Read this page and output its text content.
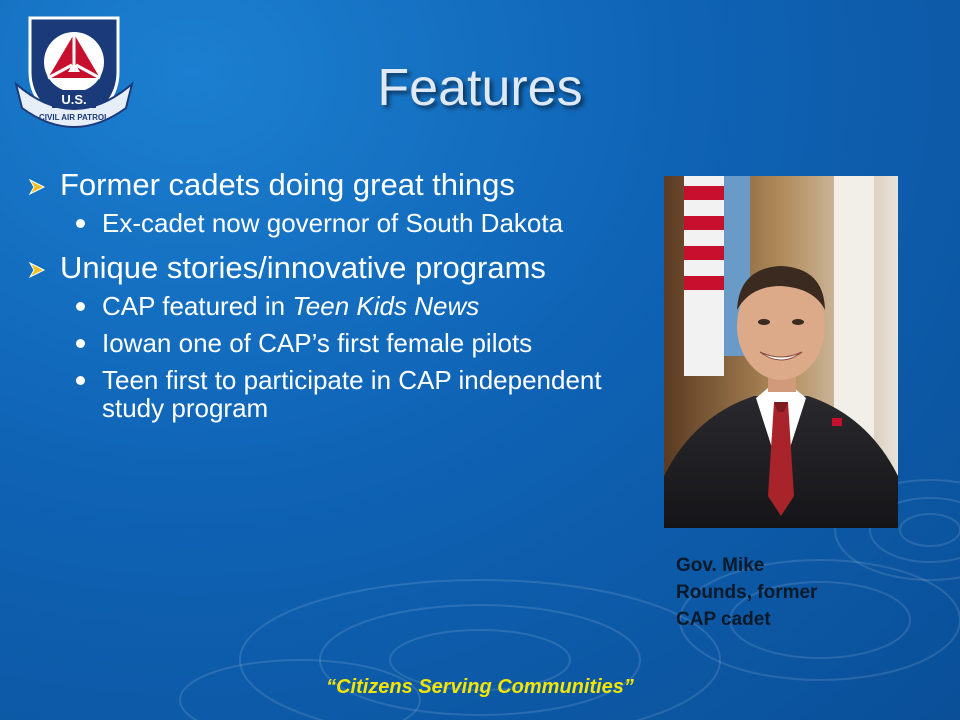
U.S.
CIVIL AIR PATROL
Features
Former cadets doing great things
Ex-cadet now governor of South Dakota
Unique stories/innovative programs
CAP featured in Teen Kids News
Iowan one of CAP’s first female pilots
Teen first to participate in CAP independent study program
Gov. Mike
Rounds, former
CAP cadet
“Citizens Serving Communities”
